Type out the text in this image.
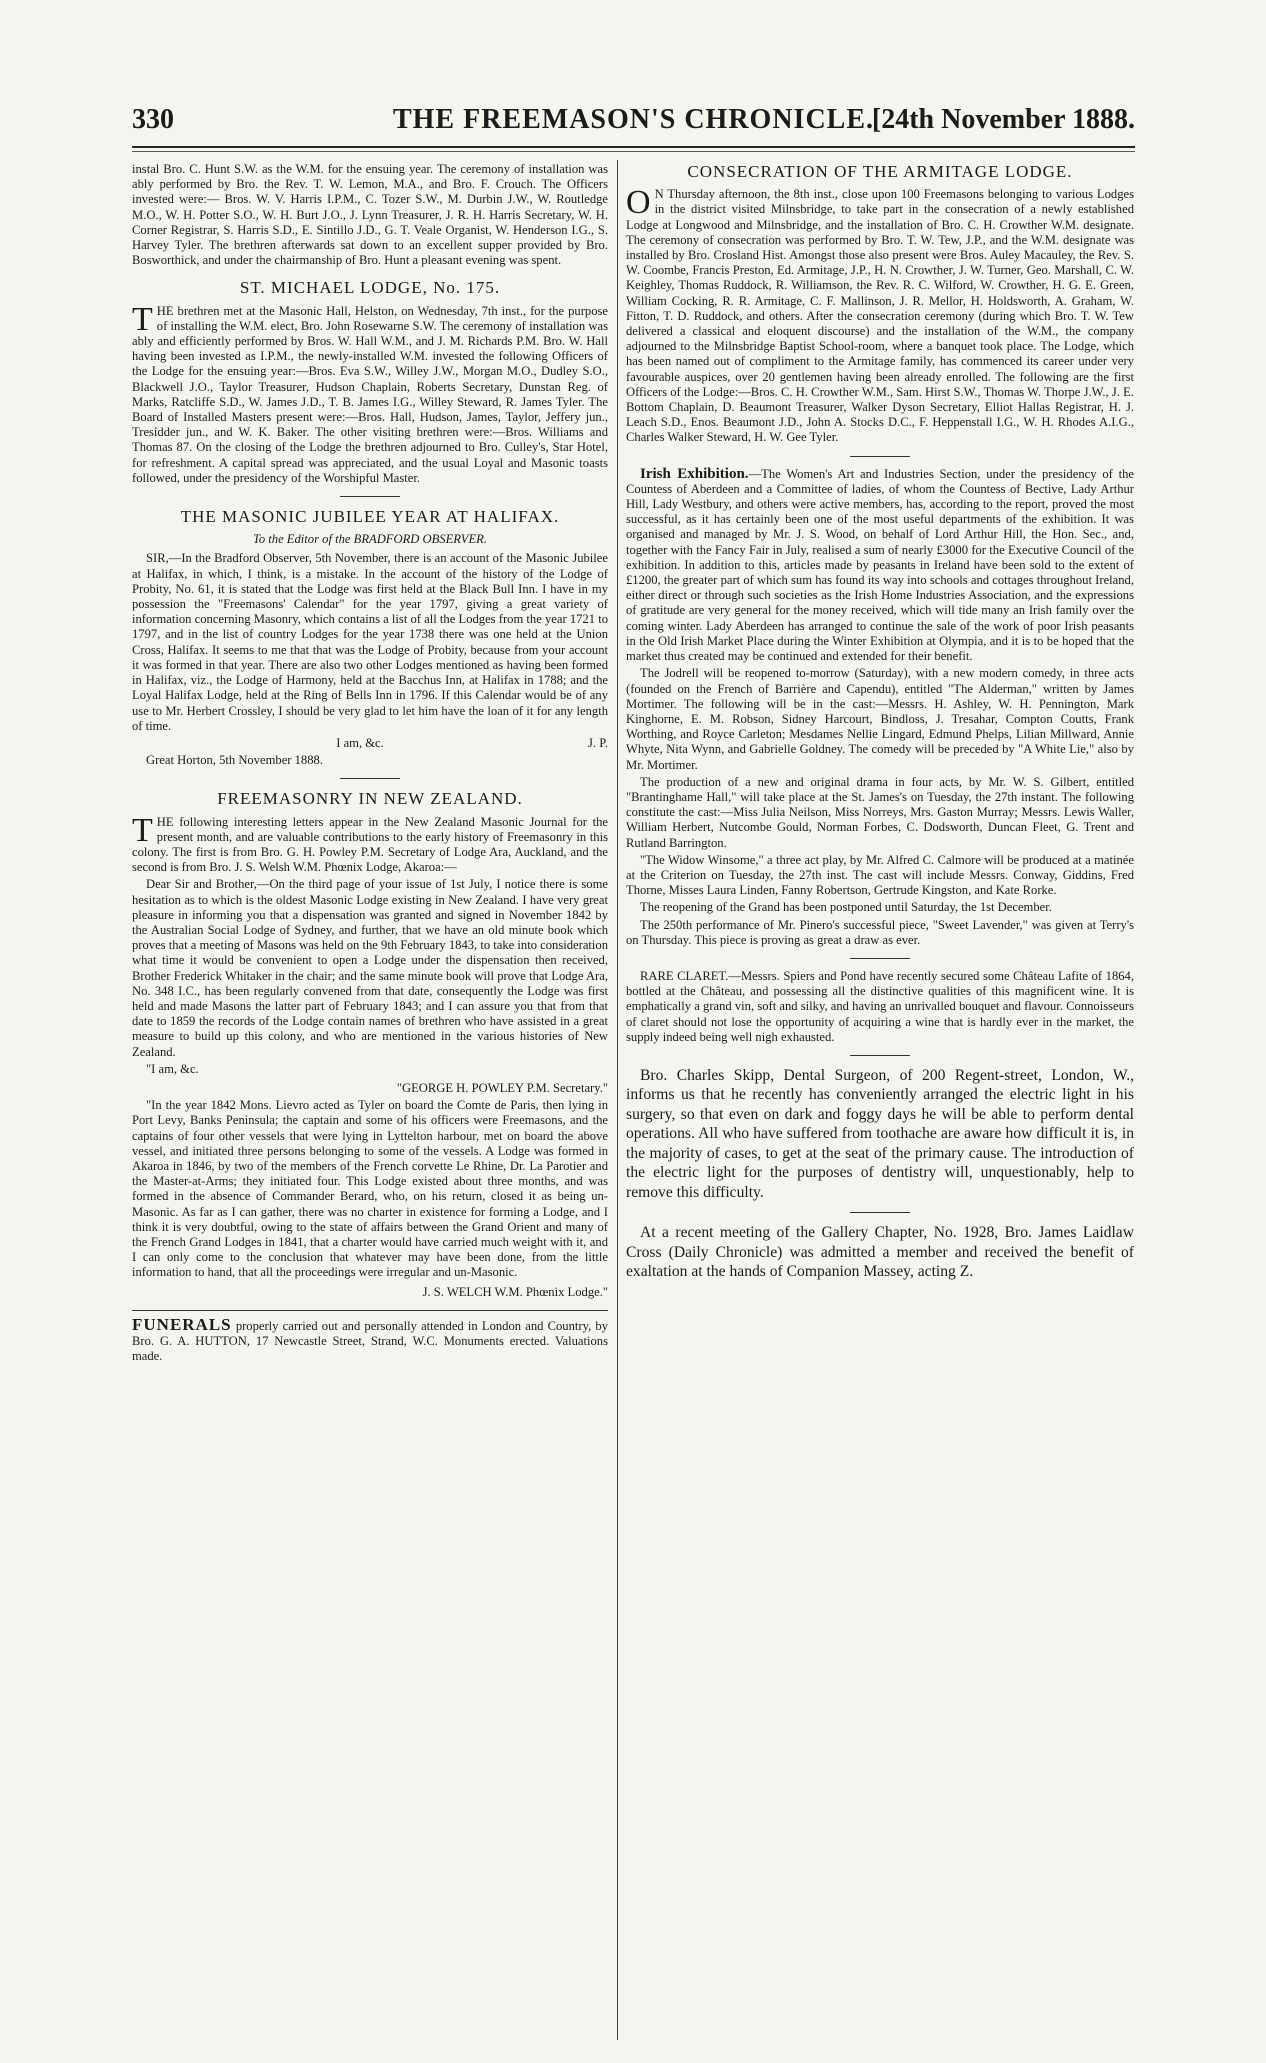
330	THE FREEMASON'S CHRONICLE.
[24th November 1888.

instal Bro. C. Hunt S.W. as the W.M. for the ensuing year. The ceremony of installation was ably performed by Bro. the Rev. T. W. Lemon, M.A., and Bro. F. Crouch. The Officers invested were:— Bros. W. V. Harris I.P.M., C. Tozer S.W., M. Durbin J.W., W. Routledge M.O., W. H. Potter S.O., W. H. Burt J.O., J. Lynn Treasurer, J. R. H. Harris Secretary, W. H. Corner Registrar, S. Harris S.D., E. Sintillo J.D., G. T. Veale Organist, W. Henderson I.G., S. Harvey Tyler. The brethren afterwards sat down to an excellent supper provided by Bro. Bosworthick, and under the chairmanship of Bro. Hunt a pleasant evening was spent.

ST. MICHAEL LODGE, No. 175.

THE brethren met at the Masonic Hall, Helston, on Wednesday, 7th inst., for the purpose of installing the W.M. elect, Bro. John Rosewarne S.W. The ceremony of installation was ably and efficiently performed by Bros. W. Hall W.M., and J. M. Richards P.M. Bro. W. Hall having been invested as I.P.M., the newly-installed W.M. invested the following Officers of the Lodge for the ensuing year:—Bros. Eva S.W., Willey J.W., Morgan M.O., Dudley S.O., Blackwell J.O., Taylor Treasurer, Hudson Chaplain, Roberts Secretary, Dunstan Reg. of Marks, Ratcliffe S.D., W. James J.D., T. B. James I.G., Willey Steward, R. James Tyler. The Board of Installed Masters present were:—Bros. Hall, Hudson, James, Taylor, Jeffery jun., Tresidder jun., and W. K. Baker. The other visiting brethren were:—Bros. Williams and Thomas 87. On the closing of the Lodge the brethren adjourned to Bro. Culley's, Star Hotel, for refreshment. A capital spread was appreciated, and the usual Loyal and Masonic toasts followed, under the presidency of the Worshipful Master.

THE MASONIC JUBILEE YEAR AT HALIFAX.
To the Editor of the BRADFORD OBSERVER.

SIR,—In the Bradford Observer, 5th November, there is an account of the Masonic Jubilee at Halifax, in which, I think, is a mistake. In the account of the history of the Lodge of Probity, No. 61, it is stated that the Lodge was first held at the Black Bull Inn. I have in my possession the "Freemasons' Calendar" for the year 1797, giving a great variety of information concerning Masonry, which contains a list of all the Lodges from the year 1721 to 1797, and in the list of country Lodges for the year 1738 there was one held at the Union Cross, Halifax. It seems to me that that was the Lodge of Probity, because from your account it was formed in that year. There are also two other Lodges mentioned as having been formed in Halifax, viz., the Lodge of Harmony, held at the Bacchus Inn, at Halifax in 1788; and the Loyal Halifax Lodge, held at the Ring of Bells Inn in 1796. If this Calendar would be of any use to Mr. Herbert Crossley, I should be very glad to let him have the loan of it for any length of time.

I am, &c.	J. P.

Great Horton, 5th November 1888.

FREEMASONRY IN NEW ZEALAND.

THE following interesting letters appear in the New Zealand Masonic Journal for the present month, and are valuable contributions to the early history of Freemasonry in this colony. The first is from Bro. G. H. Powley P.M. Secretary of Lodge Ara, Auckland, and the second is from Bro. J. S. Welsh W.M. Phœnix Lodge, Akaroa:—

Dear Sir and Brother,—On the third page of your issue of 1st July, I notice there is some hesitation as to which is the oldest Masonic Lodge existing in New Zealand. I have very great pleasure in informing you that a dispensation was granted and signed in November 1842 by the Australian Social Lodge of Sydney, and further, that we have an old minute book which proves that a meeting of Masons was held on the 9th February 1843, to take into consideration what time it would be convenient to open a Lodge under the dispensation then received, Brother Frederick Whitaker in the chair; and the same minute book will prove that Lodge Ara, No. 348 I.C., has been regularly convened from that date, consequently the Lodge was first held and made Masons the latter part of February 1843; and I can assure you that from that date to 1859 the records of the Lodge contain names of brethren who have assisted in a great measure to build up this colony, and who are mentioned in the various histories of New Zealand.

"I am, &c.

"GEORGE H. POWLEY P.M. Secretary."

"In the year 1842 Mons. Lievro acted as Tyler on board the Comte de Paris, then lying in Port Levy, Banks Peninsula; the captain and some of his officers were Freemasons, and the captains of four other vessels that were lying in Lyttelton harbour, met on board the above vessel, and initiated three persons belonging to some of the vessels. A Lodge was formed in Akaroa in 1846, by two of the members of the French corvette Le Rhine, Dr. La Parotier and the Master-at-Arms; they initiated four. This Lodge existed about three months, and was formed in the absence of Commander Berard, who, on his return, closed it as being un-Masonic. As far as I can gather, there was no charter in existence for forming a Lodge, and I think it is very doubtful, owing to the state of affairs between the Grand Orient and many of the French Grand Lodges in 1841, that a charter would have carried much weight with it, and I can only come to the conclusion that whatever may have been done, from the little information to hand, that all the proceedings were irregular and un-Masonic.

J. S. WELCH W.M. Phœnix Lodge."
FUNERALS properly carried out and personally attended in London and Country, by Bro. G. A. HUTTON, 17 Newcastle Street, Strand, W.C. Monuments erected. Valuations made.
CONSECRATION OF THE ARMITAGE LODGE.

O N Thursday afternoon, the 8th inst., close upon 100 Freemasons belonging to various Lodges in the district visited Milnsbridge, to take part in the consecration of a newly established Lodge at Longwood and Milnsbridge, and the installation of Bro. C. H. Crowther W.M. designate. The ceremony of consecration was performed by Bro. T. W. Tew, J.P., and the W.M. designate was installed by Bro. Crosland Hist. Amongst those also present were Bros. Auley Macauley, the Rev. S. W. Coombe, Francis Preston, Ed. Armitage, J.P., H. N. Crowther, J. W. Turner, Geo. Marshall, C. W. Keighley, Thomas Ruddock, R. Williamson, the Rev. R. C. Wilford, W. Crowther, H. G. E. Green, William Cocking, R. R. Armitage, C. F. Mallinson, J. R. Mellor, H. Holdsworth, A. Graham, W. Fitton, T. D. Ruddock, and others. After the consecration ceremony (during which Bro. T. W. Tew delivered a classical and eloquent discourse) and the installation of the W.M., the company adjourned to the Milnsbridge Baptist School-room, where a banquet took place. The Lodge, which has been named out of compliment to the Armitage family, has commenced its career under very favourable auspices, over 20 gentlemen having been already enrolled. The following are the first Officers of the Lodge:—Bros. C. H. Crowther W.M., Sam. Hirst S.W., Thomas W. Thorpe J.W., J. E. Bottom Chaplain, D. Beaumont Treasurer, Walker Dyson Secretary, Elliot Hallas Registrar, H. J. Leach S.D., Enos. Beaumont J.D., John A. Stocks D.C., F. Heppenstall I.G., W. H. Rhodes A.I.G., Charles Walker Steward, H. W. Gee Tyler.

Irish Exhibition.—The Women's Art and Industries Section, under the presidency of the Countess of Aberdeen and a Committee of ladies, of whom the Countess of Bective, Lady Arthur Hill, Lady Westbury, and others were active members, has, according to the report, proved the most successful, as it has certainly been one of the most useful departments of the exhibition. It was organised and managed by Mr. J. S. Wood, on behalf of Lord Arthur Hill, the Hon. Sec., and, together with the Fancy Fair in July, realised a sum of nearly £3000 for the Executive Council of the exhibition. In addition to this, articles made by peasants in Ireland have been sold to the extent of £1200, the greater part of which sum has found its way into schools and cottages throughout Ireland, either direct or through such societies as the Irish Home Industries Association, and the expressions of gratitude are very general for the money received, which will tide many an Irish family over the coming winter. Lady Aberdeen has arranged to continue the sale of the work of poor Irish peasants in the Old Irish Market Place during the Winter Exhibition at Olympia, and it is to be hoped that the market thus created may be continued and extended for their benefit.

The Jodrell will be reopened to-morrow (Saturday), with a new modern comedy, in three acts (founded on the French of Barrière and Capendu), entitled "The Alderman," written by James Mortimer. The following will be in the cast:—Messrs. H. Ashley, W. H. Pennington, Mark Kinghorne, E. M. Robson, Sidney Harcourt, Bindloss, J. Tresahar, Compton Coutts, Frank Worthing, and Royce Carleton; Mesdames Nellie Lingard, Edmund Phelps, Lilian Millward, Annie Whyte, Nita Wynn, and Gabrielle Goldney. The comedy will be preceded by "A White Lie," also by Mr. Mortimer.

The production of a new and original drama in four acts, by Mr. W. S. Gilbert, entitled "Brantinghame Hall," will take place at the St. James's on Tuesday, the 27th instant. The following constitute the cast:—Miss Julia Neilson, Miss Norreys, Mrs. Gaston Murray; Messrs. Lewis Waller, William Herbert, Nutcombe Gould, Norman Forbes, C. Dodsworth, Duncan Fleet, G. Trent and Rutland Barrington.

"The Widow Winsome," a three act play, by Mr. Alfred C. Calmore will be produced at a matinée at the Criterion on Tuesday, the 27th inst. The cast will include Messrs. Conway, Giddins, Fred Thorne, Misses Laura Linden, Fanny Robertson, Gertrude Kingston, and Kate Rorke.

The reopening of the Grand has been postponed until Saturday, the 1st December.

The 250th performance of Mr. Pinero's successful piece, "Sweet Lavender," was given at Terry's on Thursday. This piece is proving as great a draw as ever.

RARE CLARET.—Messrs. Spiers and Pond have recently secured some Château Lafite of 1864, bottled at the Château, and possessing all the distinctive qualities of this magnificent wine. It is emphatically a grand vin, soft and silky, and having an unrivalled bouquet and flavour. Connoisseurs of claret should not lose the opportunity of acquiring a wine that is hardly ever in the market, the supply indeed being well nigh exhausted.

Bro. Charles Skipp, Dental Surgeon, of 200 Regent-street, London, W., informs us that he recently has conveniently arranged the electric light in his surgery, so that even on dark and foggy days he will be able to perform dental operations. All who have suffered from toothache are aware how difficult it is, in the majority of cases, to get at the seat of the primary cause. The introduction of the electric light for the purposes of dentistry will, unquestionably, help to remove this difficulty.

At a recent meeting of the Gallery Chapter, No. 1928, Bro. James Laidlaw Cross (Daily Chronicle) was admitted a member and received the benefit of exaltation at the hands of Companion Massey, acting Z.
